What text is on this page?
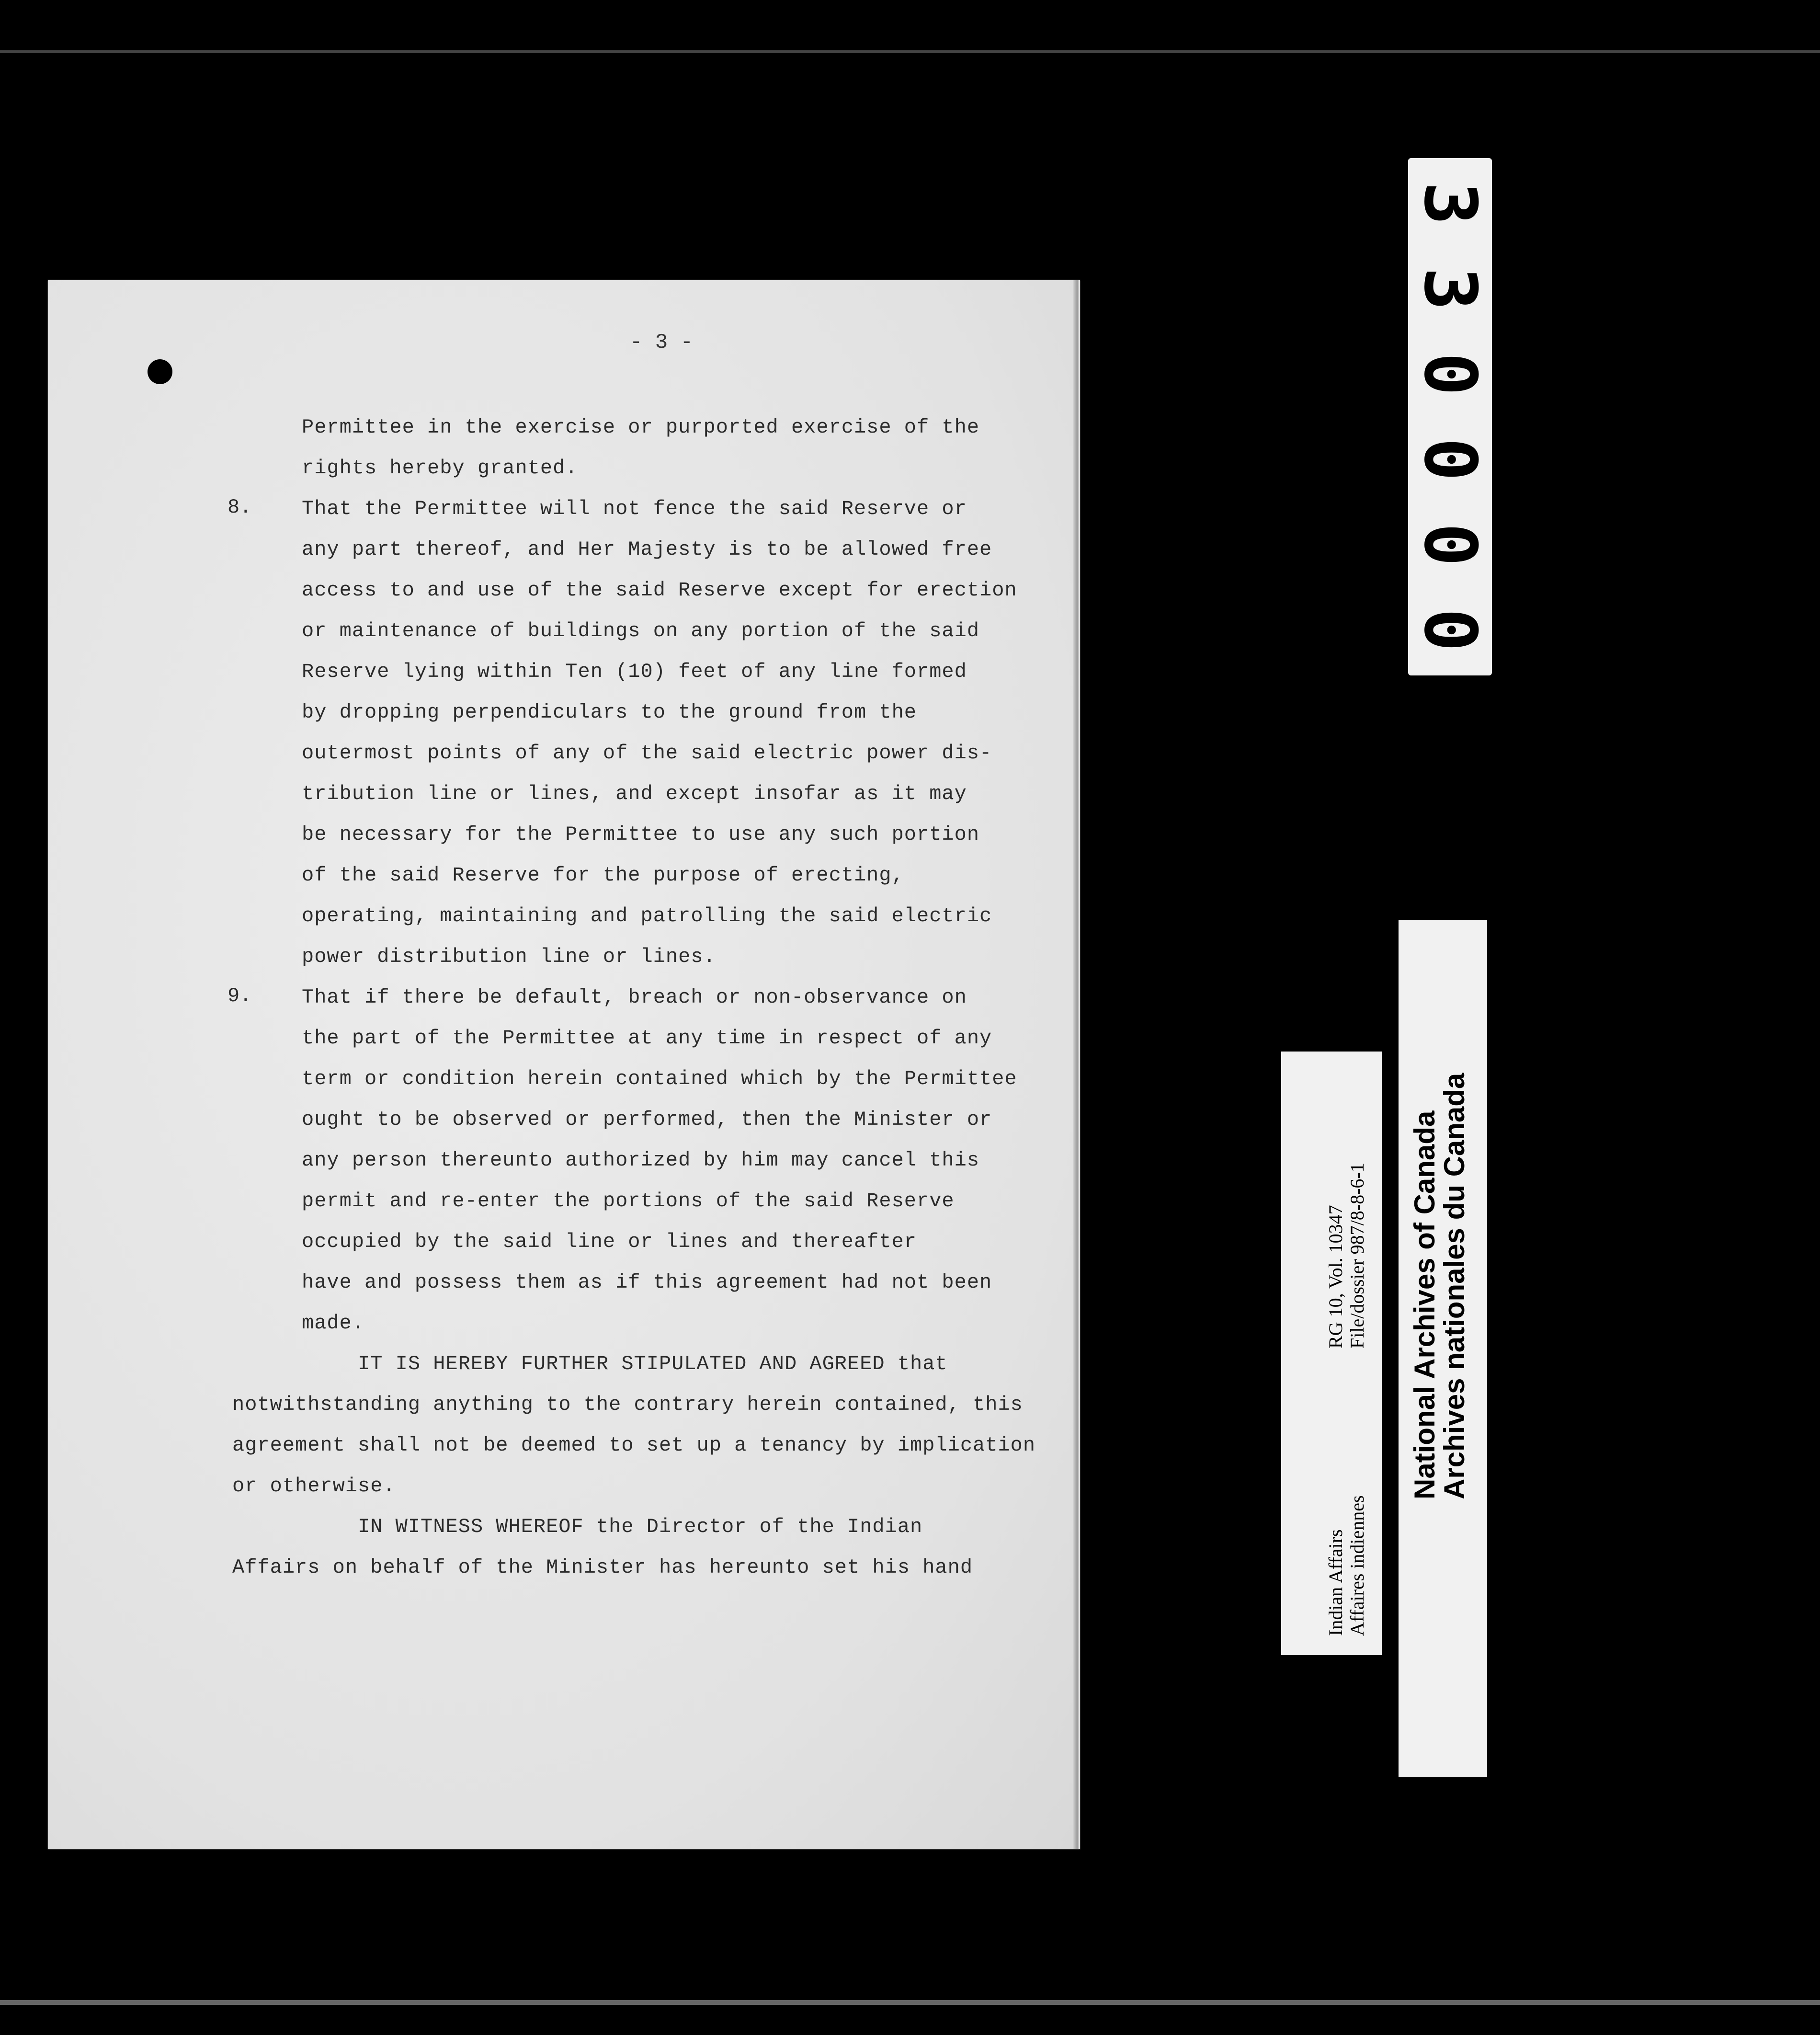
- 3 -
Permittee in the exercise or purported exercise of the
rights hereby granted.
8. That the Permittee will not fence the said Reserve or
any part thereof, and Her Majesty is to be allowed free
access to and use of the said Reserve except for erection
or maintenance of buildings on any portion of the said
Reserve lying within Ten (10) feet of any line formed
by dropping perpendiculars to the ground from the
outermost points of any of the said electric power dis-
tribution line or lines, and except insofar as it may
be necessary for the Permittee to use any such portion
of the said Reserve for the purpose of erecting,
operating, maintaining and patrolling the said electric
power distribution line or lines.
9. That if there be default, breach or non-observance on
the part of the Permittee at any time in respect of any
term or condition herein contained which by the Permittee
ought to be observed or performed, then the Minister or
any person thereunto authorized by him may cancel this
permit and re-enter the portions of the said Reserve
occupied by the said line or lines and thereafter
have and possess them as if this agreement had not been
made.
IT IS HEREBY FURTHER STIPULATED AND AGREED that
notwithstanding anything to the contrary herein contained, this
agreement shall not be deemed to set up a tenancy by implication
or otherwise.
IN WITNESS WHEREOF the Director of the Indian
Affairs on behalf of the Minister has hereunto set his hand
3
3
0
0
0
0
Indian Affairs Affaires indiennes
RG 10, Vol. 10347 File/dossier 987/8-8-6-1 National Archives of Canada
Archives nationales du Canada
